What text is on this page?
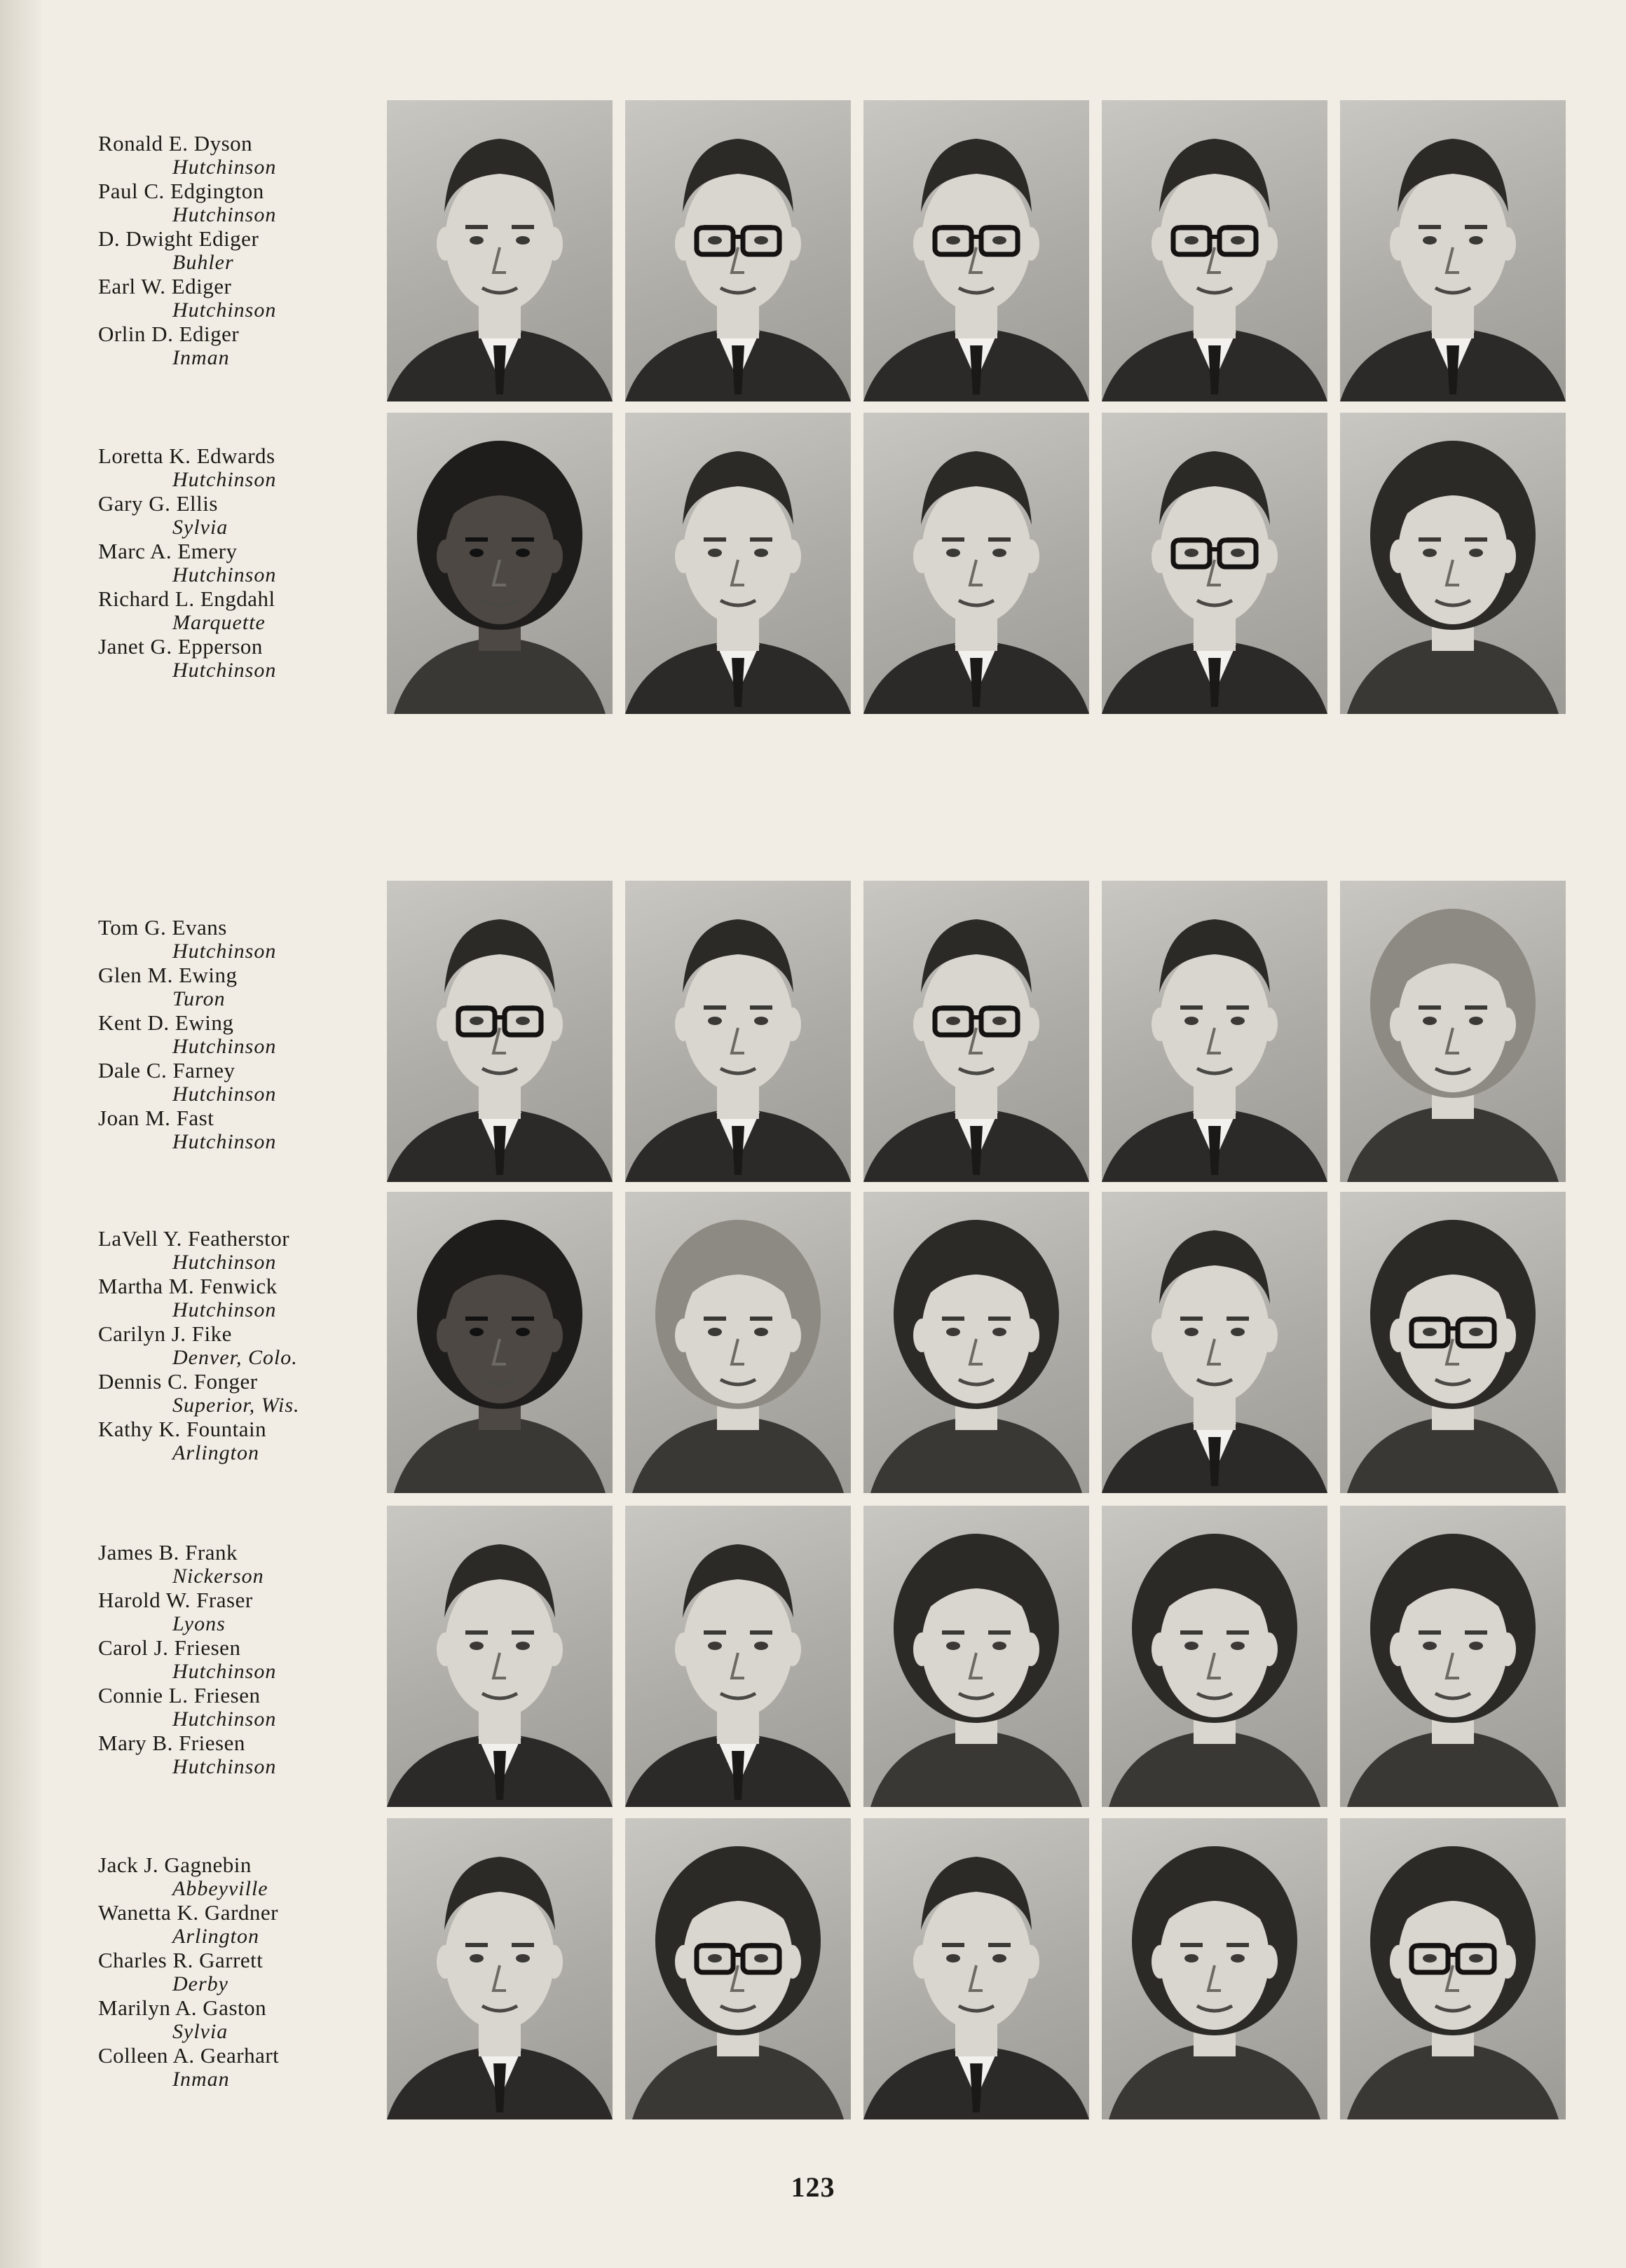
Ronald E. Dyson
Hutchinson
Paul C. Edgington
Hutchinson
D. Dwight Ediger
Buhler
Earl W. Ediger
Hutchinson
Orlin D. Ediger
Inman
Loretta K. Edwards
Hutchinson
Gary G. Ellis
Sylvia
Marc A. Emery
Hutchinson
Richard L. Engdahl
Marquette
Janet G. Epperson
Hutchinson
Tom G. Evans
Hutchinson
Glen M. Ewing
Turon
Kent D. Ewing
Hutchinson
Dale C. Farney
Hutchinson
Joan M. Fast
Hutchinson
LaVell Y. Featherstor
Hutchinson
Martha M. Fenwick
Hutchinson
Carilyn J. Fike
Denver, Colo.
Dennis C. Fonger
Superior, Wis.
Kathy K. Fountain
Arlington
James B. Frank
Nickerson
Harold W. Fraser
Lyons
Carol J. Friesen
Hutchinson
Connie L. Friesen
Hutchinson
Mary B. Friesen
Hutchinson
Jack J. Gagnebin
Abbeyville
Wanetta K. Gardner
Arlington
Charles R. Garrett
Derby
Marilyn A. Gaston
Sylvia
Colleen A. Gearhart
Inman
123
